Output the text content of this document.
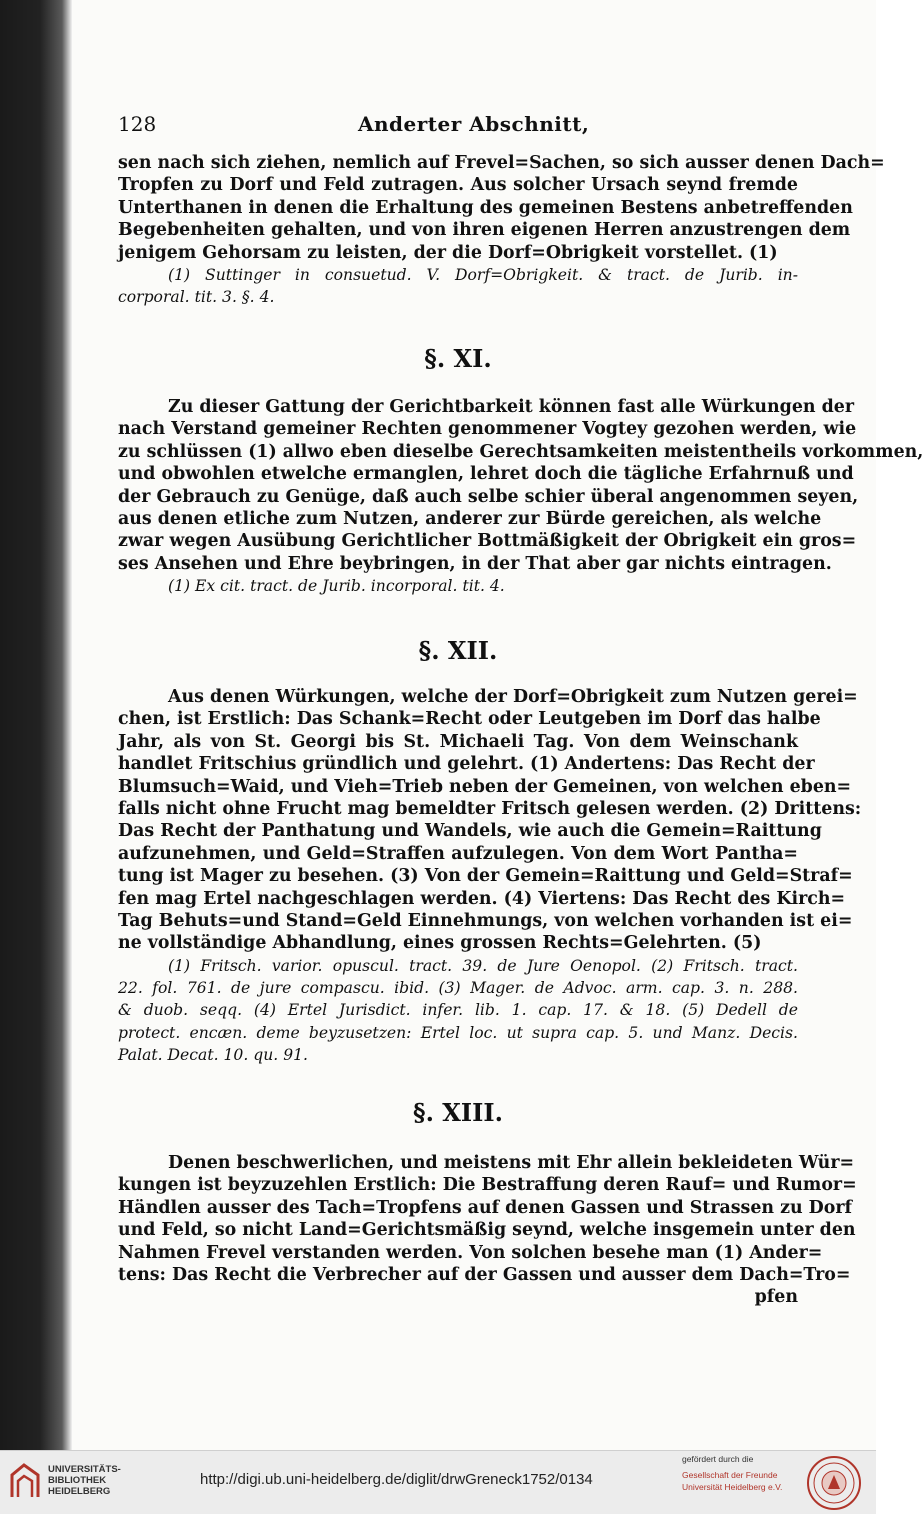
128	Anderter Abschnitt,
sen nach sich ziehen, nemlich auf Frevel=Sachen, so sich ausser denen Dach=
Tropfen zu Dorf und Feld zutragen. Aus solcher Ursach seynd fremde
Unterthanen in denen die Erhaltung des gemeinen Bestens anbetreffenden
Begebenheiten gehalten, und von ihren eigenen Herren anzustrengen dem
jenigem Gehorsam zu leisten, der die Dorf=Obrigkeit vorstellet. (1)
(1) Suttinger in consuetud. V. Dorf=Obrigkeit. & tract. de Jurib. in-
corporal. tit. 3. §. 4.
§. XI.
Zu dieser Gattung der Gerichtbarkeit können fast alle Würkungen der
nach Verstand gemeiner Rechten genommener Vogtey gezohen werden, wie
zu schlüssen (1) allwo eben dieselbe Gerechtsamkeiten meistentheils vorkommen,
und obwohlen etwelche ermanglen, lehret doch die tägliche Erfahrnuß und
der Gebrauch zu Genüge, daß auch selbe schier überal angenommen seyen,
aus denen etliche zum Nutzen, anderer zur Bürde gereichen, als welche
zwar wegen Ausübung Gerichtlicher Bottmäßigkeit der Obrigkeit ein gros=
ses Ansehen und Ehre beybringen, in der That aber gar nichts eintragen.
(1) Ex cit. tract. de Jurib. incorporal. tit. 4.
§. XII.
Aus denen Würkungen, welche der Dorf=Obrigkeit zum Nutzen gerei=
chen, ist Erstlich: Das Schank=Recht oder Leutgeben im Dorf das halbe
Jahr, als von St. Georgi bis St. Michaeli Tag. Von dem Weinschank
handlet Fritschius gründlich und gelehrt. (1) Andertens: Das Recht der
Blumsuch=Waid, und Vieh=Trieb neben der Gemeinen, von welchen eben=
falls nicht ohne Frucht mag bemeldter Fritsch gelesen werden. (2) Drittens:
Das Recht der Panthatung und Wandels, wie auch die Gemein=Raittung
aufzunehmen, und Geld=Straffen aufzulegen. Von dem Wort Pantha=
tung ist Mager zu besehen. (3) Von der Gemein=Raittung und Geld=Straf=
fen mag Ertel nachgeschlagen werden. (4) Viertens: Das Recht des Kirch=
Tag Behuts=und Stand=Geld Einnehmungs, von welchen vorhanden ist ei=
ne vollständige Abhandlung, eines grossen Rechts=Gelehrten. (5)
(1) Fritsch. varior. opuscul. tract. 39. de Jure Oenopol. (2) Fritsch. tract.
22. fol. 761. de jure compascu. ibid. (3) Mager. de Advoc. arm. cap. 3. n. 288.
& duob. seqq. (4) Ertel Jurisdict. infer. lib. 1. cap. 17. & 18. (5) Dedell de
protect. encæn. deme beyzusetzen: Ertel loc. ut supra cap. 5. und Manz. Decis.
Palat. Decat. 10. qu. 91.
§. XIII.
Denen beschwerlichen, und meistens mit Ehr allein bekleideten Wür=
kungen ist beyzuzehlen Erstlich: Die Bestraffung deren Rauf= und Rumor=
Händlen ausser des Tach=Tropfens auf denen Gassen und Strassen zu Dorf
und Feld, so nicht Land=Gerichtsmäßig seynd, welche insgemein unter den
Nahmen Frevel verstanden werden. Von solchen besehe man (1) Ander=
tens: Das Recht die Verbrecher auf der Gassen und ausser dem Dach=Tro=
pfen
UNIVERSITÄTS-
BIBLIOTHEK
HEIDELBERG
http://digi.ub.uni-heidelberg.de/diglit/drwGreneck1752/0134
gefördert durch die
Gesellschaft der Freunde
Universität Heidelberg e.V.
